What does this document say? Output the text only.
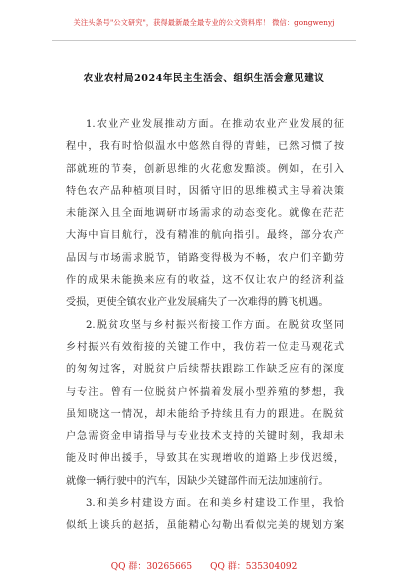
关注头条号"公文研究"，获得最新最全最专业的公文资料库！ 微信：gongwenyj
农业农村局2024年民主生活会、组织生活会意见建议
1.农业产业发展推动方面。在推动农业产业发展的征
程中，我有时恰似温水中悠然自得的青蛙，已然习惯了按
部就班的节奏，创新思维的火花愈发黯淡。例如，在引入
特色农产品种植项目时，因循守旧的思维模式主导着决策
未能深入且全面地调研市场需求的动态变化。就像在茫茫
大海中盲目航行，没有精准的航向指引。最终，部分农产
品因与市场需求脱节，销路变得极为不畅，农户们辛勤劳
作的成果未能换来应有的收益，这不仅让农户的经济利益
受损，更使全镇农业产业发展痛失了一次难得的腾飞机遇。
2.脱贫攻坚与乡村振兴衔接工作方面。在脱贫攻坚同
乡村振兴有效衔接的关键工作中，我仿若一位走马观花式
的匆匆过客，对脱贫户后续帮扶跟踪工作缺乏应有的深度
与专注。曾有一位脱贫户怀揣着发展小型养殖的梦想，我
虽知晓这一情况，却未能给予持续且有力的跟进。在脱贫
户急需资金申请指导与专业技术支持的关键时刻，我却未
能及时伸出援手，导致其在实现增收的道路上步伐迟缓，
就像一辆行驶中的汽车，因缺少关键部件而无法加速前行。
3.和美乡村建设方面。在和美乡村建设工作里，我恰
似纸上谈兵的赵括，虽能精心勾勒出看似完美的规划方案
QQ 群：30265665 QQ 群：535304092
